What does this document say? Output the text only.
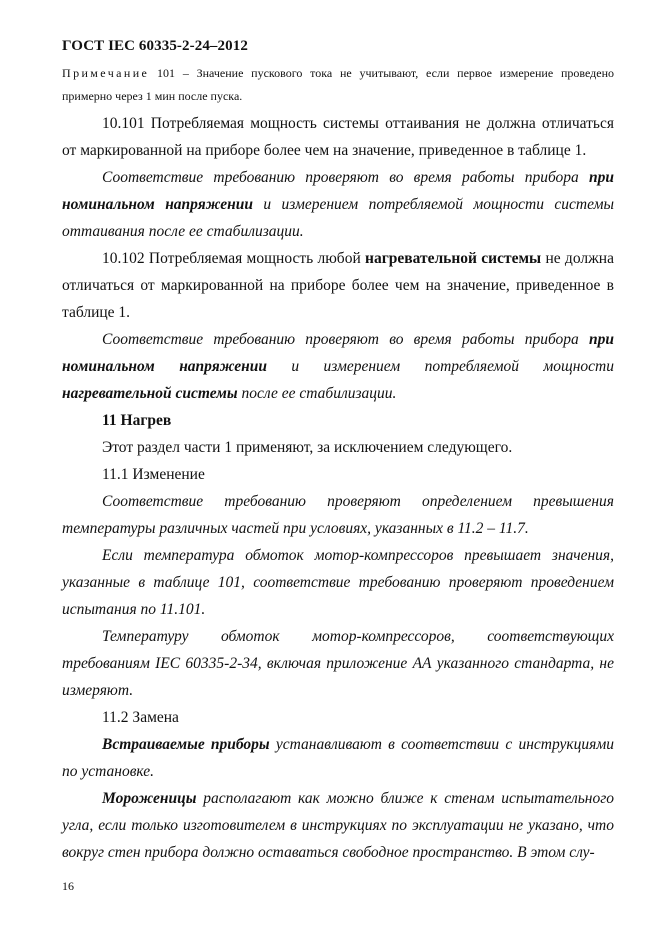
ГОСТ IEC 60335-2-24–2012
Примечание 101 – Значение пускового тока не учитывают, если первое измерение проведено примерно через 1 мин после пуска.

10.101 Потребляемая мощность системы оттаивания не должна отличаться от маркированной на приборе более чем на значение, приведенное в таблице 1.

Соответствие требованию проверяют во время работы прибора при номинальном напряжении и измерением потребляемой мощности системы оттаивания после ее стабилизации.

10.102 Потребляемая мощность любой нагревательной системы не должна отличаться от маркированной на приборе более чем на значение, приведенное в таблице 1.

Соответствие требованию проверяют во время работы прибора при номинальном напряжении и измерением потребляемой мощности нагревательной системы после ее стабилизации.

11 Нагрев

Этот раздел части 1 применяют, за исключением следующего.

11.1 Изменение

Соответствие требованию проверяют определением превышения температуры различных частей при условиях, указанных в 11.2 – 11.7.

Если температура обмоток мотор-компрессоров превышает значения, указанные в таблице 101, соответствие требованию проверяют проведением испытания по 11.101.

Температуру обмоток мотор-компрессоров, соответствующих требованиям IEC 60335-2-34, включая приложение АА указанного стандарта, не измеряют.

11.2 Замена

Встраиваемые приборы устанавливают в соответствии с инструкциями по установке.

Мороженицы располагают как можно ближе к стенам испытательного угла, если только изготовителем в инструкциях по эксплуатации не указано, что вокруг стен прибора должно оставаться свободное пространство. В этом слу-

16
